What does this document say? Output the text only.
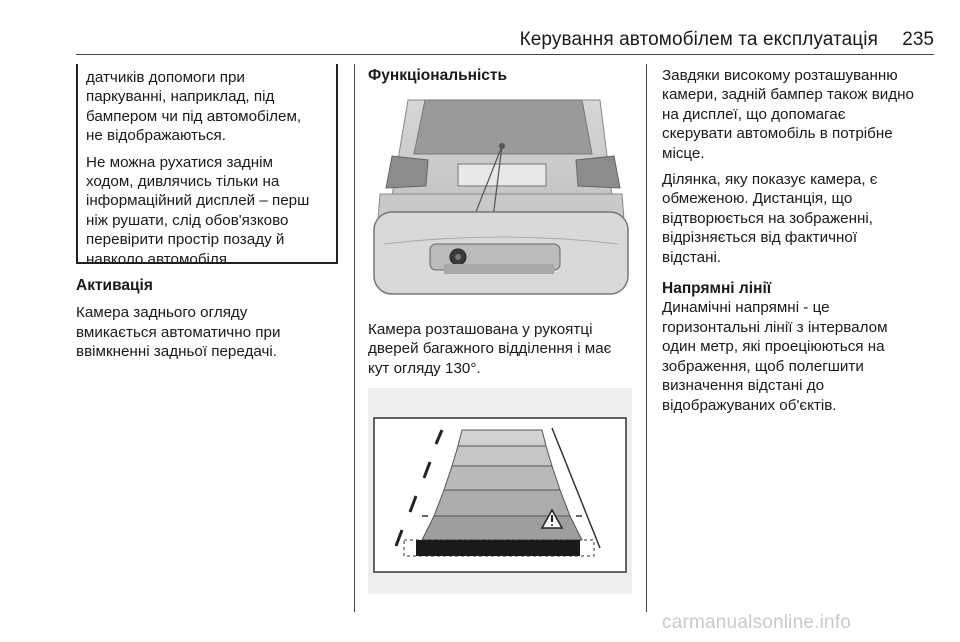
Керування автомобілем та експлуатація	235

датчиків допомоги при
паркуванні, наприклад, під
бампером чи під автомобілем,
не відображаються.

Не можна рухатися заднім
ходом, дивлячись тільки на
інформаційний дисплей – перш
ніж рушати, слід обов'язково
перевірити простір позаду й
навколо автомобіля.

Активація

Камера заднього огляду
вмикається автоматично при
ввімкненні задньої передачі.

Функціональність

Камера розташована у рукоятці
дверей багажного відділення і має
кут огляду 130°.

Завдяки високому розташуванню
камери, задній бампер також видно
на дисплеї, що допомагає
скерувати автомобіль в потрібне
місце.

Ділянка, яку показує камера, є
обмеженою. Дистанція, що
відтворюється на зображенні,
відрізняється від фактичної
відстані.

Напрямні лінії

Динамічні напрямні - це
горизонтальні лінії з інтервалом
один метр, які проеціюються на
зображення, щоб полегшити
визначення відстані до
відображуваних об'єктів.

carmanualsonline.info
